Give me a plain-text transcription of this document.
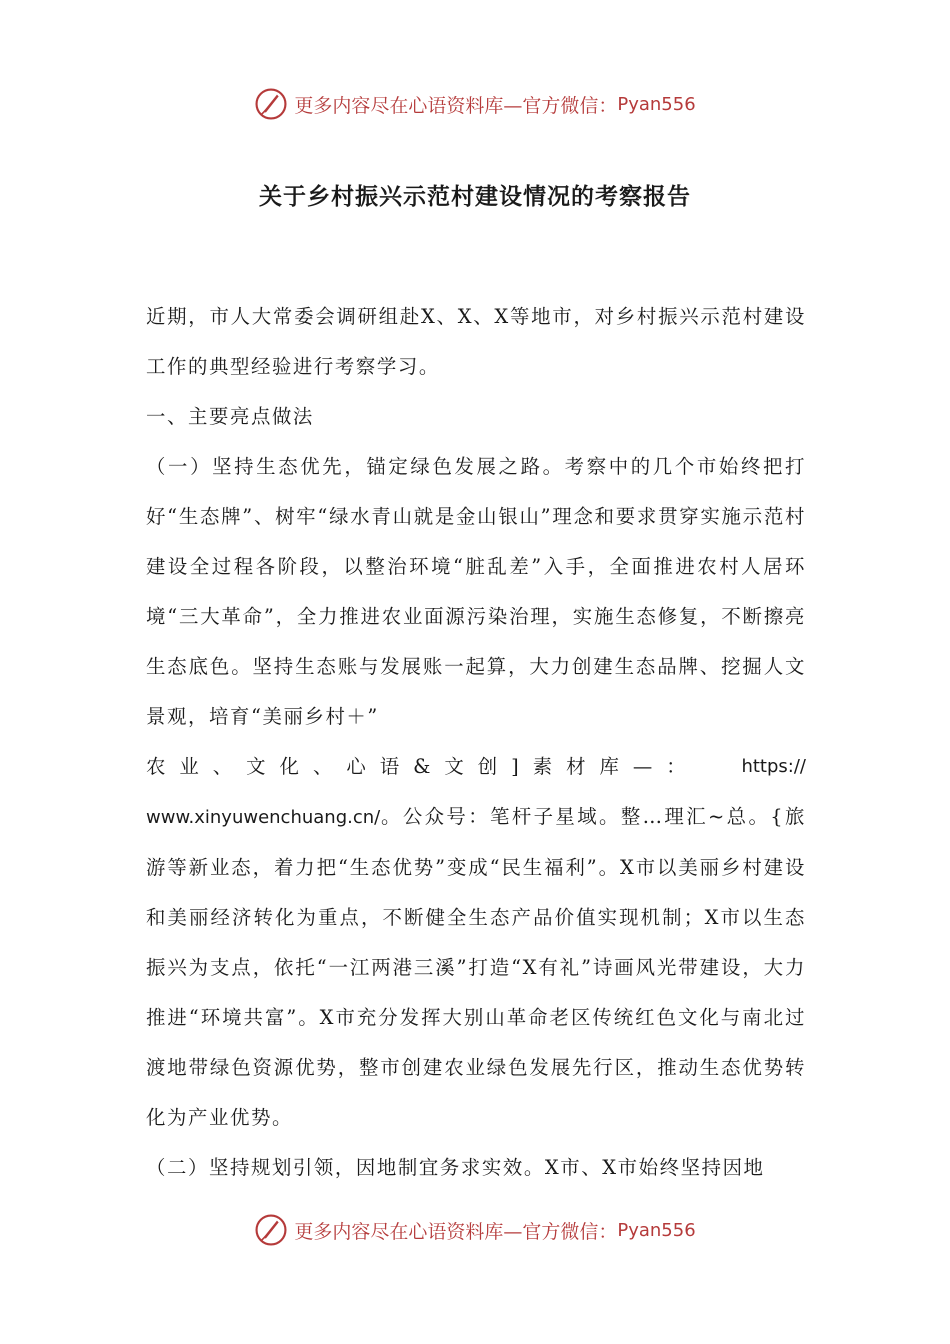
更多内容尽在心语资料库—官方微信： Pyan556
关于乡村振兴示范村建设情况的考察报告

近期，市人大常委会调研组赴X、X、X等地市，对乡村振兴示范村建设工作的典型经验进行考察学习。

一、主要亮点做法

（一）坚持生态优先，锚定绿色发展之路。考察中的几个市始终把打好“生态牌”、树牢“绿水青山就是金山银山”理念和要求贯穿实施示范村建设全过程各阶段，以整治环境“脏乱差”入手，全面推进农村人居环境“三大革命”，全力推进农业面源污染治理，实施生态修复，不断擦亮生态底色。坚持生态账与发展账一起算，大力创建生态品牌、挖掘人文景观，培育“美丽乡村＋”

农业、文化、心语&文创]素材库—： https://

www.xinyuwenchuang.cn/。公众号：笔杆子星域。整…理汇~总。{旅游等新业态，着力把“生态优势”变成“民生福利”。X市以美丽乡村建设和美丽经济转化为重点，不断健全生态产品价值实现机制；X市以生态振兴为支点，依托“一江两港三溪”打造“X有礼”诗画风光带建设，大力推进“环境共富”。X市充分发挥大别山革命老区传统红色文化与南北过渡地带绿色资源优势，整市创建农业绿色发展先行区，推动生态优势转化为产业优势。

（二）坚持规划引领，因地制宜务求实效。X市、X市始终坚持因地

更多内容尽在心语资料库—官方微信： Pyan556
